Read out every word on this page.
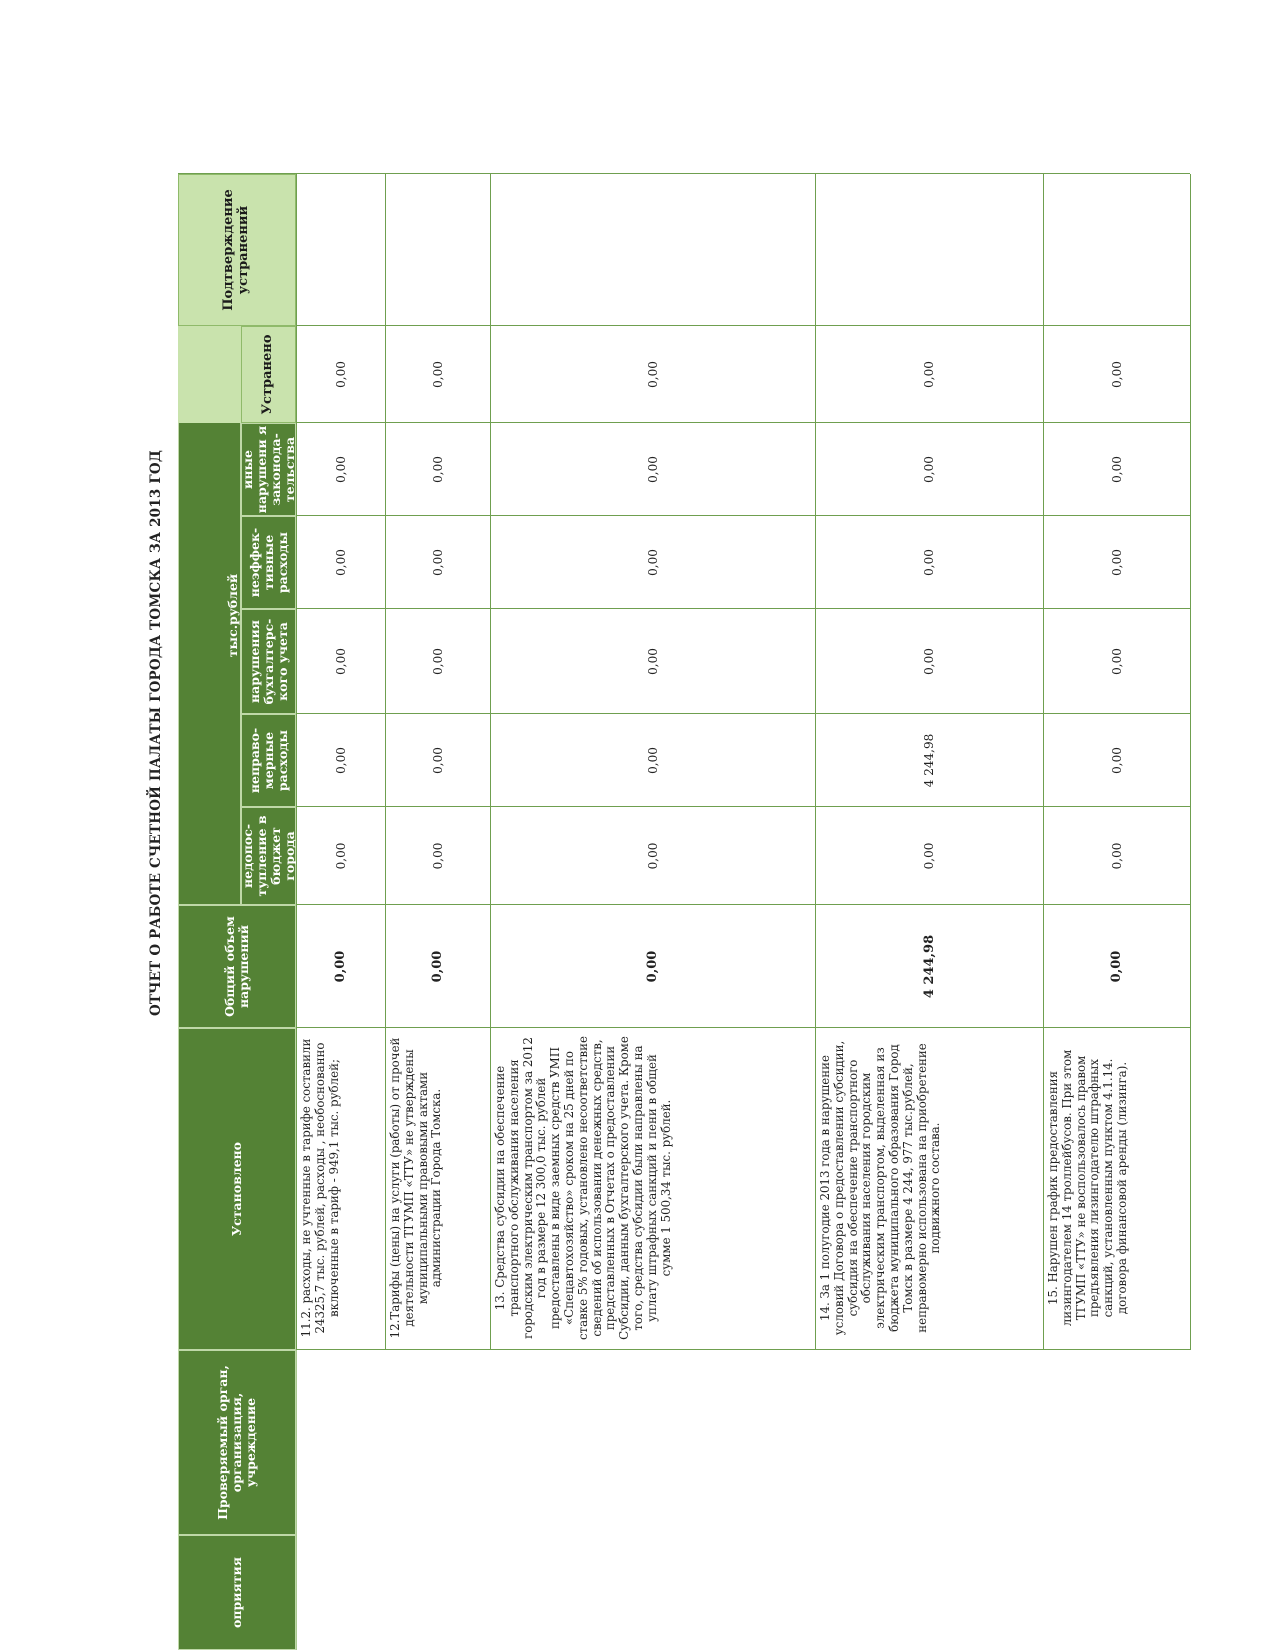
ОТЧЕТ О РАБОТЕ СЧЕТНОЙ ПАЛАТЫ ГОРОДА ТОМСКА ЗА 2013 ГОД
оприятия
Проверяемый орган, организация, учреждение
Установлено
Общий объем нарушений
тыс.рублей
недопос-тупление в бюджет города
неправо-мерные расходы
нарушения бухгалтерс-кого учета
неэффек-тивные расходы
иные нарушени я законода-тельства
Устранено
Подтверждение устранений
11.2. расходы, не учтенные в тарифе составили 24325,7 тыс. рублей, расходы , необоснованно включенные в тариф - 949,1 тыс. рублей;
0,00
0,00
0,00
0,00
0,00
0,00
0,00
12.Тарифы (цены) на услуги (работы) от прочей деятельности ТГУМП «ТТУ» не утверждены муниципальными правовыми актами администрации Города Томска.
0,00
0,00
0,00
0,00
0,00
0,00
0,00
13. Средства субсидии на обеспечение транспортного обслуживания населения городским электрическим транспортом за 2012 год в размере 12 300,0 тыс. рублей предоставлены в виде заемных средств УМП «Спецавтохозяйство» сроком на 25 дней по ставке 5% годовых, установлено несоответствие сведений об использовании денежных средств, представленных в Отчетах о предоставлении Субсидии, данным бухгалтерского учета. Кроме того, средства субсидии были направлены на уплату штрафных санкций и пени в общей сумме 1 500,34 тыс. рублей.
0,00
0,00
0,00
0,00
0,00
0,00
0,00
14. За 1 полугодие 2013 года в нарушение условий Договора о предоставлении субсидии, субсидия на обеспечение транспортного обслуживания населения городским электрическим транспортом, выделенная из бюджета муниципального образования Город Томск в размере 4 244, 977 тыс.рублей, неправомерно использована на приобретение подвижного состава.
4 244,98
0,00
4 244,98
0,00
0,00
0,00
0,00
15. Нарушен график предоставления лизингодателем 14 троллейбусов. При этом ТГУМП «ТТУ» не воспользовалось правом предъявления лизингодателю штрафных санкций, установленным пунктом 4.1.14. договора финансовой аренды (лизинга).
0,00
0,00
0,00
0,00
0,00
0,00
0,00
